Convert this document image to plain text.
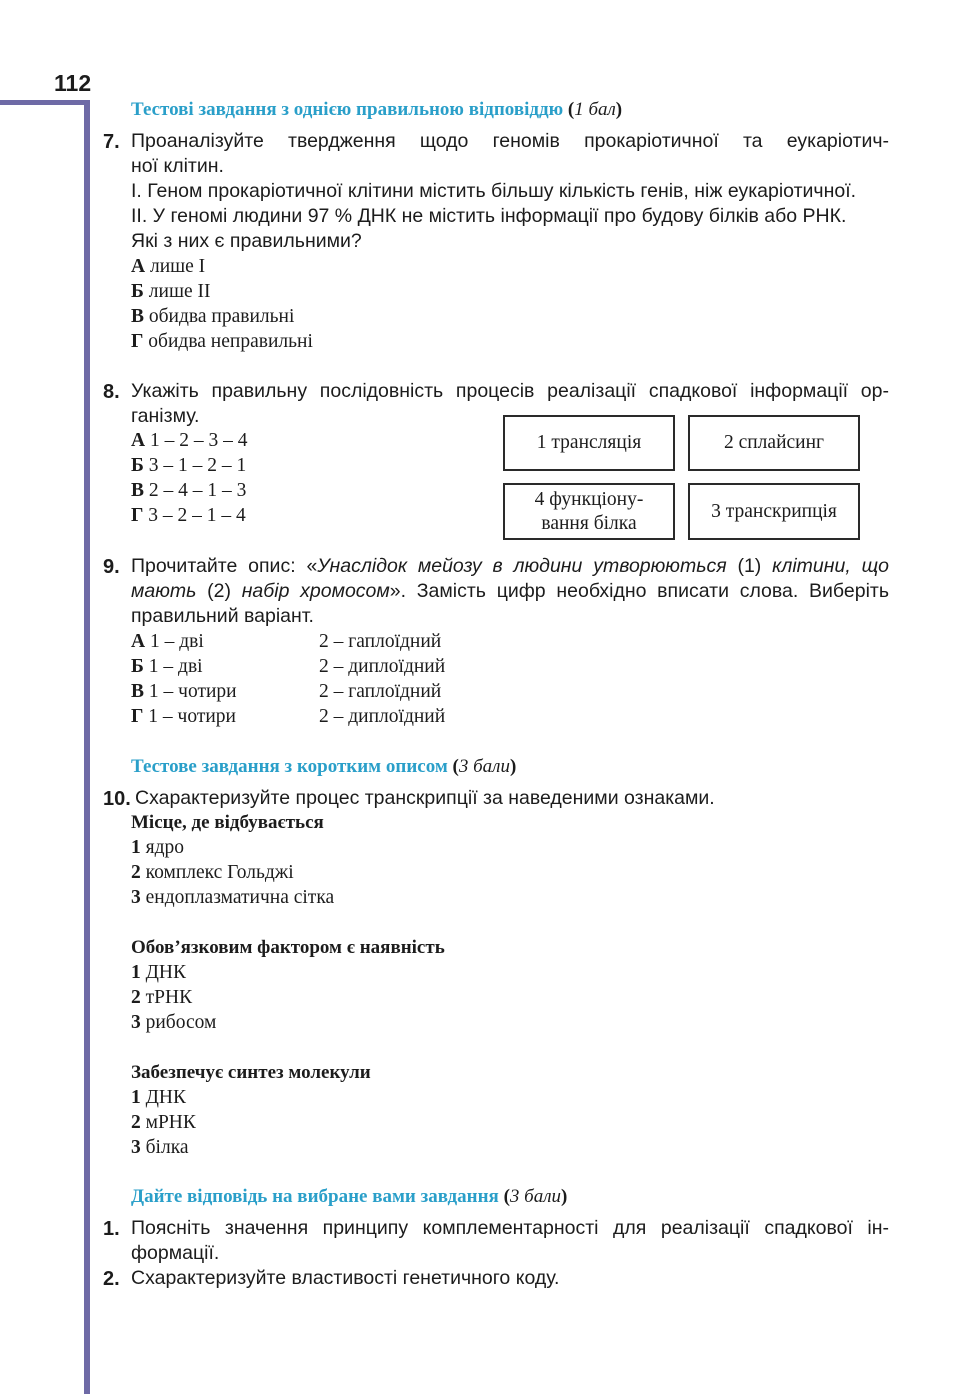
112
Тестові завдання з однією правильною відповіддю (1 бал)
7. Проаналізуйте твердження щодо геномів прокаріотичної та еукаріотич-
ної клітин.
I. Геном прокаріотичної клітини містить більшу кількість генів, ніж еукаріотичної.
II. У геномі людини 97 % ДНК не містить інформації про будову білків або РНК.
Які з них є правильними?
А лише I
Б лише II
В обидва правильні
Г обидва неправильні
8. Укажіть правильну послідовність процесів реалізації спадкової інформації ор-
ганізму.
А 1 – 2 – 3 – 4
Б 3 – 1 – 2 – 1
В 2 – 4 – 1 – 3
Г 3 – 2 – 1 – 4
1 трансляція	2 сплайсинг
4 функціону-
вання білка
3 транскрипція
9. Прочитайте опис: «Унаслідок мейозу в людини утворюються (1) клітини, що
мають (2) набір хромосом». Замість цифр необхідно вписати слова. Виберіть
правильний варіант.
А 1 – дві	2 – гаплоїдний
Б 1 – дві	2 – диплоїдний
В 1 – чотири	2 – гаплоїдний
Г 1 – чотири	2 – диплоїдний
Тестове завдання з коротким описом (3 бали)
10. Схарактеризуйте процес транскрипції за наведеними ознаками.
Місце, де відбувається
1 ядро
2 комплекс Гольджі
3 ендоплазматична сітка
Обов’язковим фактором є наявність
1 ДНК
2 тРНК
3 рибосом
Забезпечує синтез молекули
1 ДНК
2 мРНК
3 білка
Дайте відповідь на вибране вами завдання (3 бали)
1. Поясніть значення принципу комплементарності для реалізації спадкової ін-
формації.
2. Схарактеризуйте властивості генетичного коду.
